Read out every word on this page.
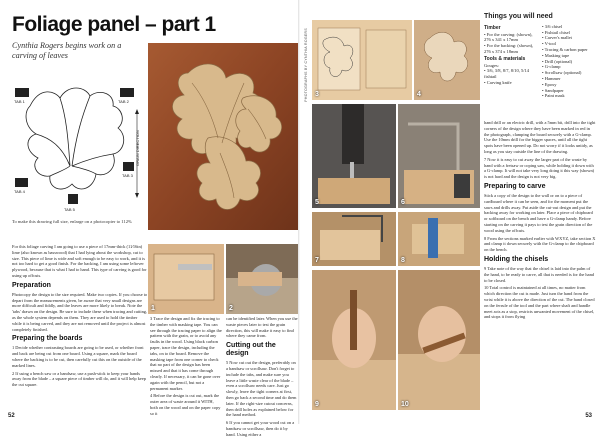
Foliage panel – part 1
Cynthia Rogers begins work on a carving of leaves
TAB 1	TAB 2
TAB 3
TAB 4
TAB 5
GRAIN DIRECTION
To make this drawing full size, enlarge on a photocopier to 112%

For this foliage carving I am going to use a piece of 17mm-thick (11⁄16in) lime (also known as basswood) that I had lying about the workshop, cut to size. This piece of lime is wide and soft enough to be easy to work, and it is not too hard to get a good finish. For the backing, I am using some leftover plywood, because that is what I had to hand. This type of carving is good for using up offcuts.

Preparation

Photocopy the design to the size required. Make two copies. If you choose to depart from the measurements given, be aware that very small designs are more difficult and fiddly, and the leaves are more likely to break. Note the 'tabs' drawn on the design. Be sure to include these when tracing and cutting, as the whole system depends on them. They are used to hold the timber while it is being carved, and they are not removed until the project is almost completely finished.

Preparing the boards

1 Decide whether contrasting boards are going to be used, or whether front and back are being cut from one board. Using a square, mark the board where the backing is to be cut, then carefully cut this on the outside of the marked lines.

2 If using a bench saw or a bandsaw, use a push-stick to keep your hands away from the blade – a square piece of timber will do, and it will help keep the cut square.

1	2

3 Trace the design and fix the tracing to the timber with masking tape. You can see through the tracing paper to align the pattern with the grain, or to avoid any faults in the wood. Using black carbon paper, trace the design, including the tabs, on to the board. Remove the masking tape from one corner to check that no part of the design has been missed and that it has come through clearly. If necessary, it can be gone over again with the pencil, but not a permanent marker.

4 Before the design is cut out, mark the outer area of waste around it WITH, both on the wood and on the paper copy so it

can be identified later. When you use the waste pieces later to test the grain direction, this will make it easy to find where they came from.

Cutting out the design

5 Now cut out the design, preferably on a bandsaw or scrollsaw. Don't forget to include the tabs, and make sure you leave a little waste clear of the blade – even a scrollsaw needs care. Just go slowly, leave the tight corners at first, then go back a second time and do them later. If the right-size cutout concerns, then drill holes as explained below for the hand method.

6 If you cannot get your wood cut on a bandsaw or scrollsaw, then do it by hand. Using either a

52
PHOTOGRAPHS BY CYNTHIA ROGERS 3	4
Things you will need
Timber
• For the carving: (shown), 276 x 341 x 17mm
• For the backing: (shown), 276 x 374 x 18mm
Tools & materials
Gouges:
• 3/6, 3/8, 8/7, 8/10, 5/14 fishtail
• Carving knife
• 3/6 chisel
• Fishtail chisel
• Carver's mallet
• V-tool
• Tracing & carbon paper
• Masking tape
• Drill (optional)
• G-clamp
• Scrollsaw (optional)
• Hammer
• Epoxy
• Sandpaper
• Paint mask
5	6

hand drill or an electric drill, with a 5mm bit, drill into the tight corners of the design where they have been marked in red in the photograph, clamping the board securely with a G-clamp. Use the 10mm drill for the bigger spaces, until all the tight spots have been opened up. Do not worry if it looks untidy, as long as you stay outside the line of the drawing.

7 Now it is easy to cut away the larger part of the waste by hand with a fretsaw or coping saw, while holding it down with a G-clamp. It will not take very long doing it this way (shown) is not hard and the design is not very big.

Preparing to carve

Stick a copy of the design to the wall or on to a piece of cardboard where it can be seen, and for the moment put the saws and drills away. Put aside the cut-out design and put the backing away for working on later. Place a piece of chipboard or softboard on the bench and have a G-clamp handy. Before starting on the carving it pays to test the grain direction of the wood using the offcuts.

8 From the sections marked earlier with WXYZ, take section X and clamp it down securely with the G-clamp to the chipboard on the bench.

Holding the chisels

9 Take note of the way that the chisel is laid into the palm of the hand, to be ready to carve, all that is needed is for the hand to be closed.

10 Total control is maintained at all times, no matter from which direction the cut is made. Just turn the hand from the wrist while it is above the direction of the cut. The hand closed on the ferrule of the tool and the part where shaft and handle meet acts as a stop, restricts unwanted movement of the chisel, and stops it from flying

7	8
9	10
53
